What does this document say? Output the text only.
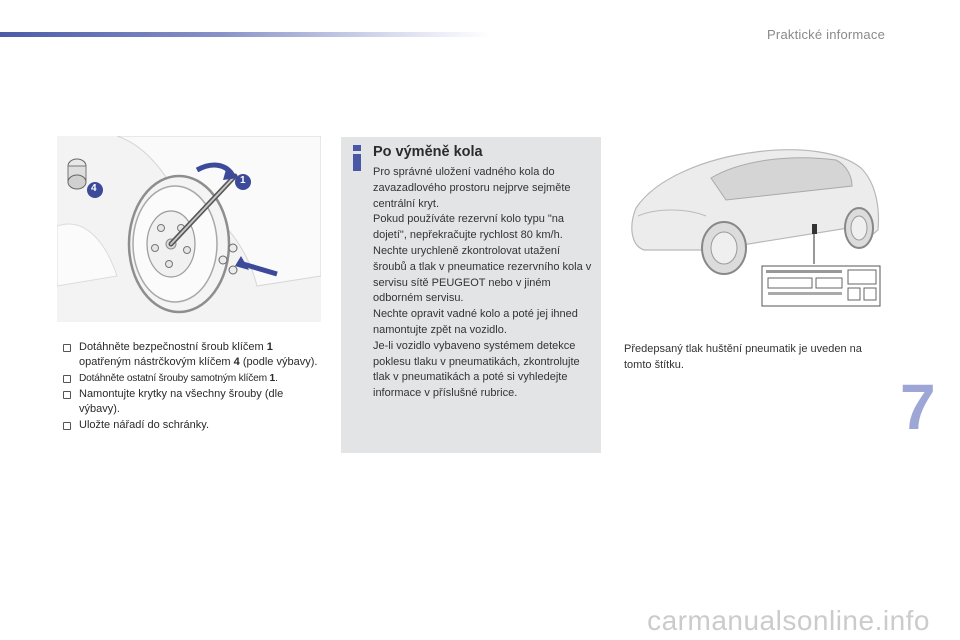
Praktické informace
4
1
Dotáhněte bezpečnostní šroub klíčem 1 opatřeným nástrčkovým klíčem 4 (podle výbavy).
Dotáhněte ostatní šrouby samotným klíčem 1.
Namontujte krytky na všechny šrouby (dle výbavy).
Uložte nářadí do schránky.
Po výměně kola

Pro správné uložení vadného kola do zavazadlového prostoru nejprve sejměte centrální kryt.

Pokud používáte rezervní kolo typu "na dojetí", nepřekračujte rychlost 80 km/h.

Nechte urychleně zkontrolovat utažení šroubů a tlak v pneumatice rezervního kola v servisu sítě PEUGEOT nebo v jiném odborném servisu.

Nechte opravit vadné kolo a poté jej ihned namontujte zpět na vozidlo.

Je-li vozidlo vybaveno systémem detekce poklesu tlaku v pneumatikách, zkontrolujte tlak v pneumatikách a poté si vyhledejte informace v příslušné rubrice.

Předepsaný tlak huštění pneumatik je uveden na tomto štítku.
7
carmanualsonline.info
